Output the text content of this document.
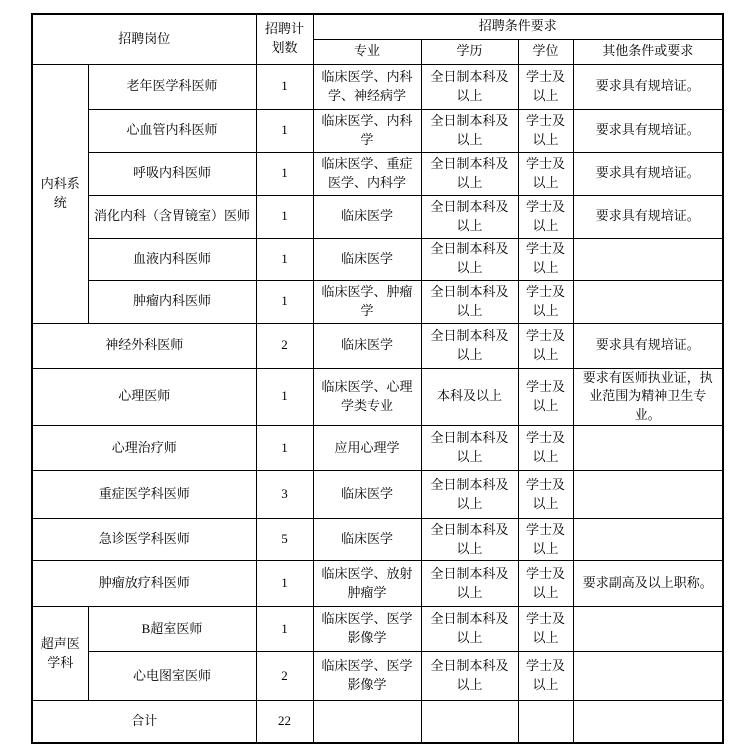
招聘岗位		招聘计划数	招聘条件要求			
			专业	学历	学位	其他条件或要求
内科系统	老年医学科医师	1	临床医学、内科学、神经病学	全日制本科及以上	学士及以上	要求具有规培证。
	心血管内科医师	1	临床医学、内科学	全日制本科及以上	学士及以上	要求具有规培证。
	呼吸内科医师	1	临床医学、重症医学、内科学	全日制本科及以上	学士及以上	要求具有规培证。
	消化内科（含胃镜室）医师	1	临床医学	全日制本科及以上	学士及以上	要求具有规培证。
	血液内科医师	1	临床医学	全日制本科及以上	学士及以上	
	肿瘤内科医师	1	临床医学、肿瘤学	全日制本科及以上	学士及以上	
神经外科医师		2	临床医学	全日制本科及以上	学士及以上	要求具有规培证。
心理医师		1	临床医学、心理学类专业	本科及以上	学士及以上	要求有医师执业证，执业范围为精神卫生专业。
心理治疗师		1	应用心理学	全日制本科及以上	学士及以上	
重症医学科医师		3	临床医学	全日制本科及以上	学士及以上	
急诊医学科医师		5	临床医学	全日制本科及以上	学士及以上	
肿瘤放疗科医师		1	临床医学、放射肿瘤学	全日制本科及以上	学士及以上	要求副高及以上职称。
超声医学科	B超室医师	1	临床医学、医学影像学	全日制本科及以上	学士及以上	
	心电图室医师	2	临床医学、医学影像学	全日制本科及以上	学士及以上	
合计		22				
